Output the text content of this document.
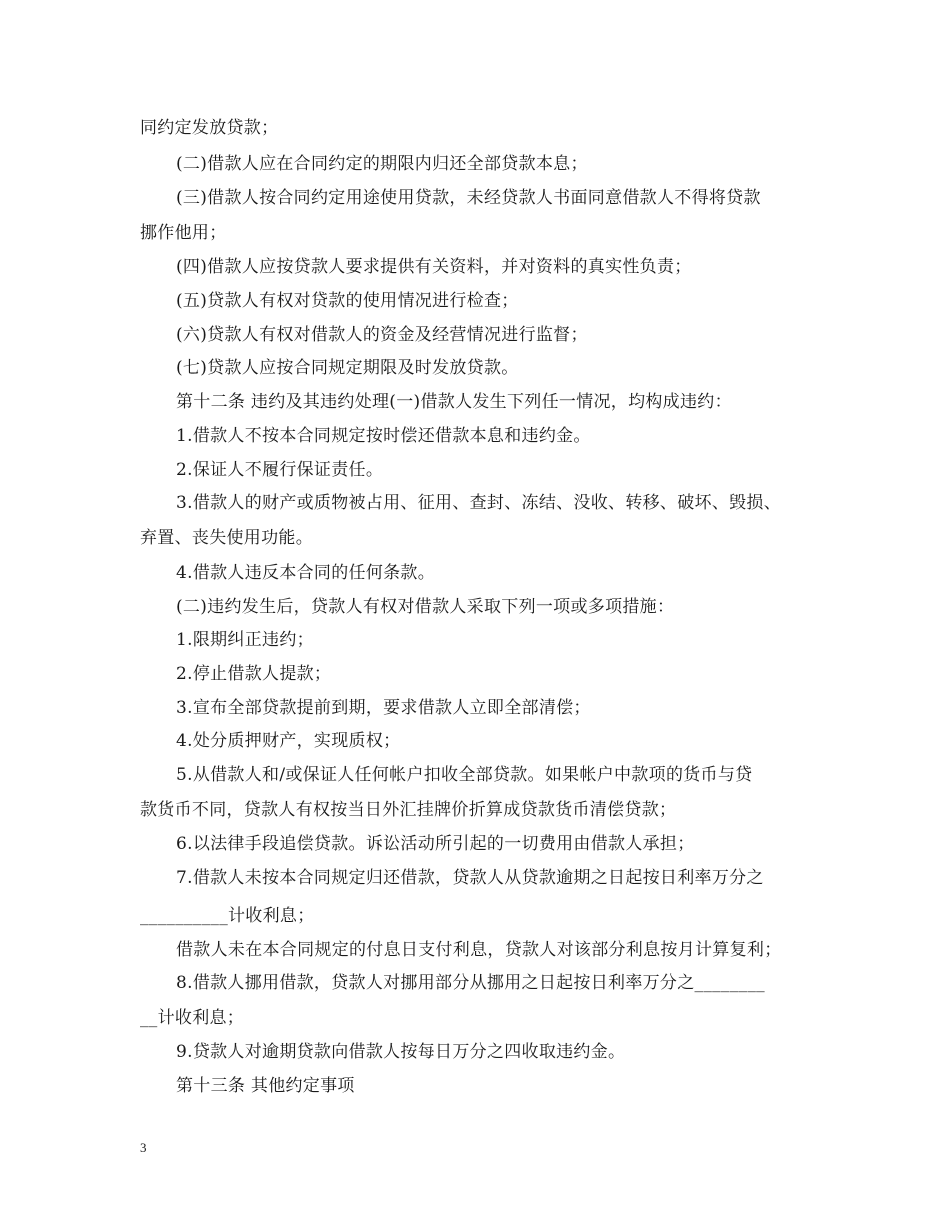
同约定发放贷款；
(二)借款人应在合同约定的期限内归还全部贷款本息；
(三)借款人按合同约定用途使用贷款，未经贷款人书面同意借款人不得将贷款
挪作他用；
(四)借款人应按贷款人要求提供有关资料，并对资料的真实性负责；
(五)贷款人有权对贷款的使用情况进行检查；
(六)贷款人有权对借款人的资金及经营情况进行监督；
(七)贷款人应按合同规定期限及时发放贷款。
第十二条 违约及其违约处理(一)借款人发生下列任一情况，均构成违约：
1.借款人不按本合同规定按时偿还借款本息和违约金。
2.保证人不履行保证责任。
3.借款人的财产或质物被占用、征用、查封、冻结、没收、转移、破坏、毁损、
弃置、丧失使用功能。
4.借款人违反本合同的任何条款。
(二)违约发生后，贷款人有权对借款人采取下列一项或多项措施：
1.限期纠正违约；
2.停止借款人提款；
3.宣布全部贷款提前到期，要求借款人立即全部清偿；
4.处分质押财产，实现质权；
5.从借款人和/或保证人任何帐户扣收全部贷款。如果帐户中款项的货币与贷
款货币不同，贷款人有权按当日外汇挂牌价折算成贷款货币清偿贷款；
6.以法律手段追偿贷款。诉讼活动所引起的一切费用由借款人承担；
7.借款人未按本合同规定归还借款，贷款人从贷款逾期之日起按日利率万分之
__________计收利息；
借款人未在本合同规定的付息日支付利息，贷款人对该部分利息按月计算复利；
8.借款人挪用借款，贷款人对挪用部分从挪用之日起按日利率万分之________
__计收利息；
9.贷款人对逾期贷款向借款人按每日万分之四收取违约金。
第十三条 其他约定事项
3
